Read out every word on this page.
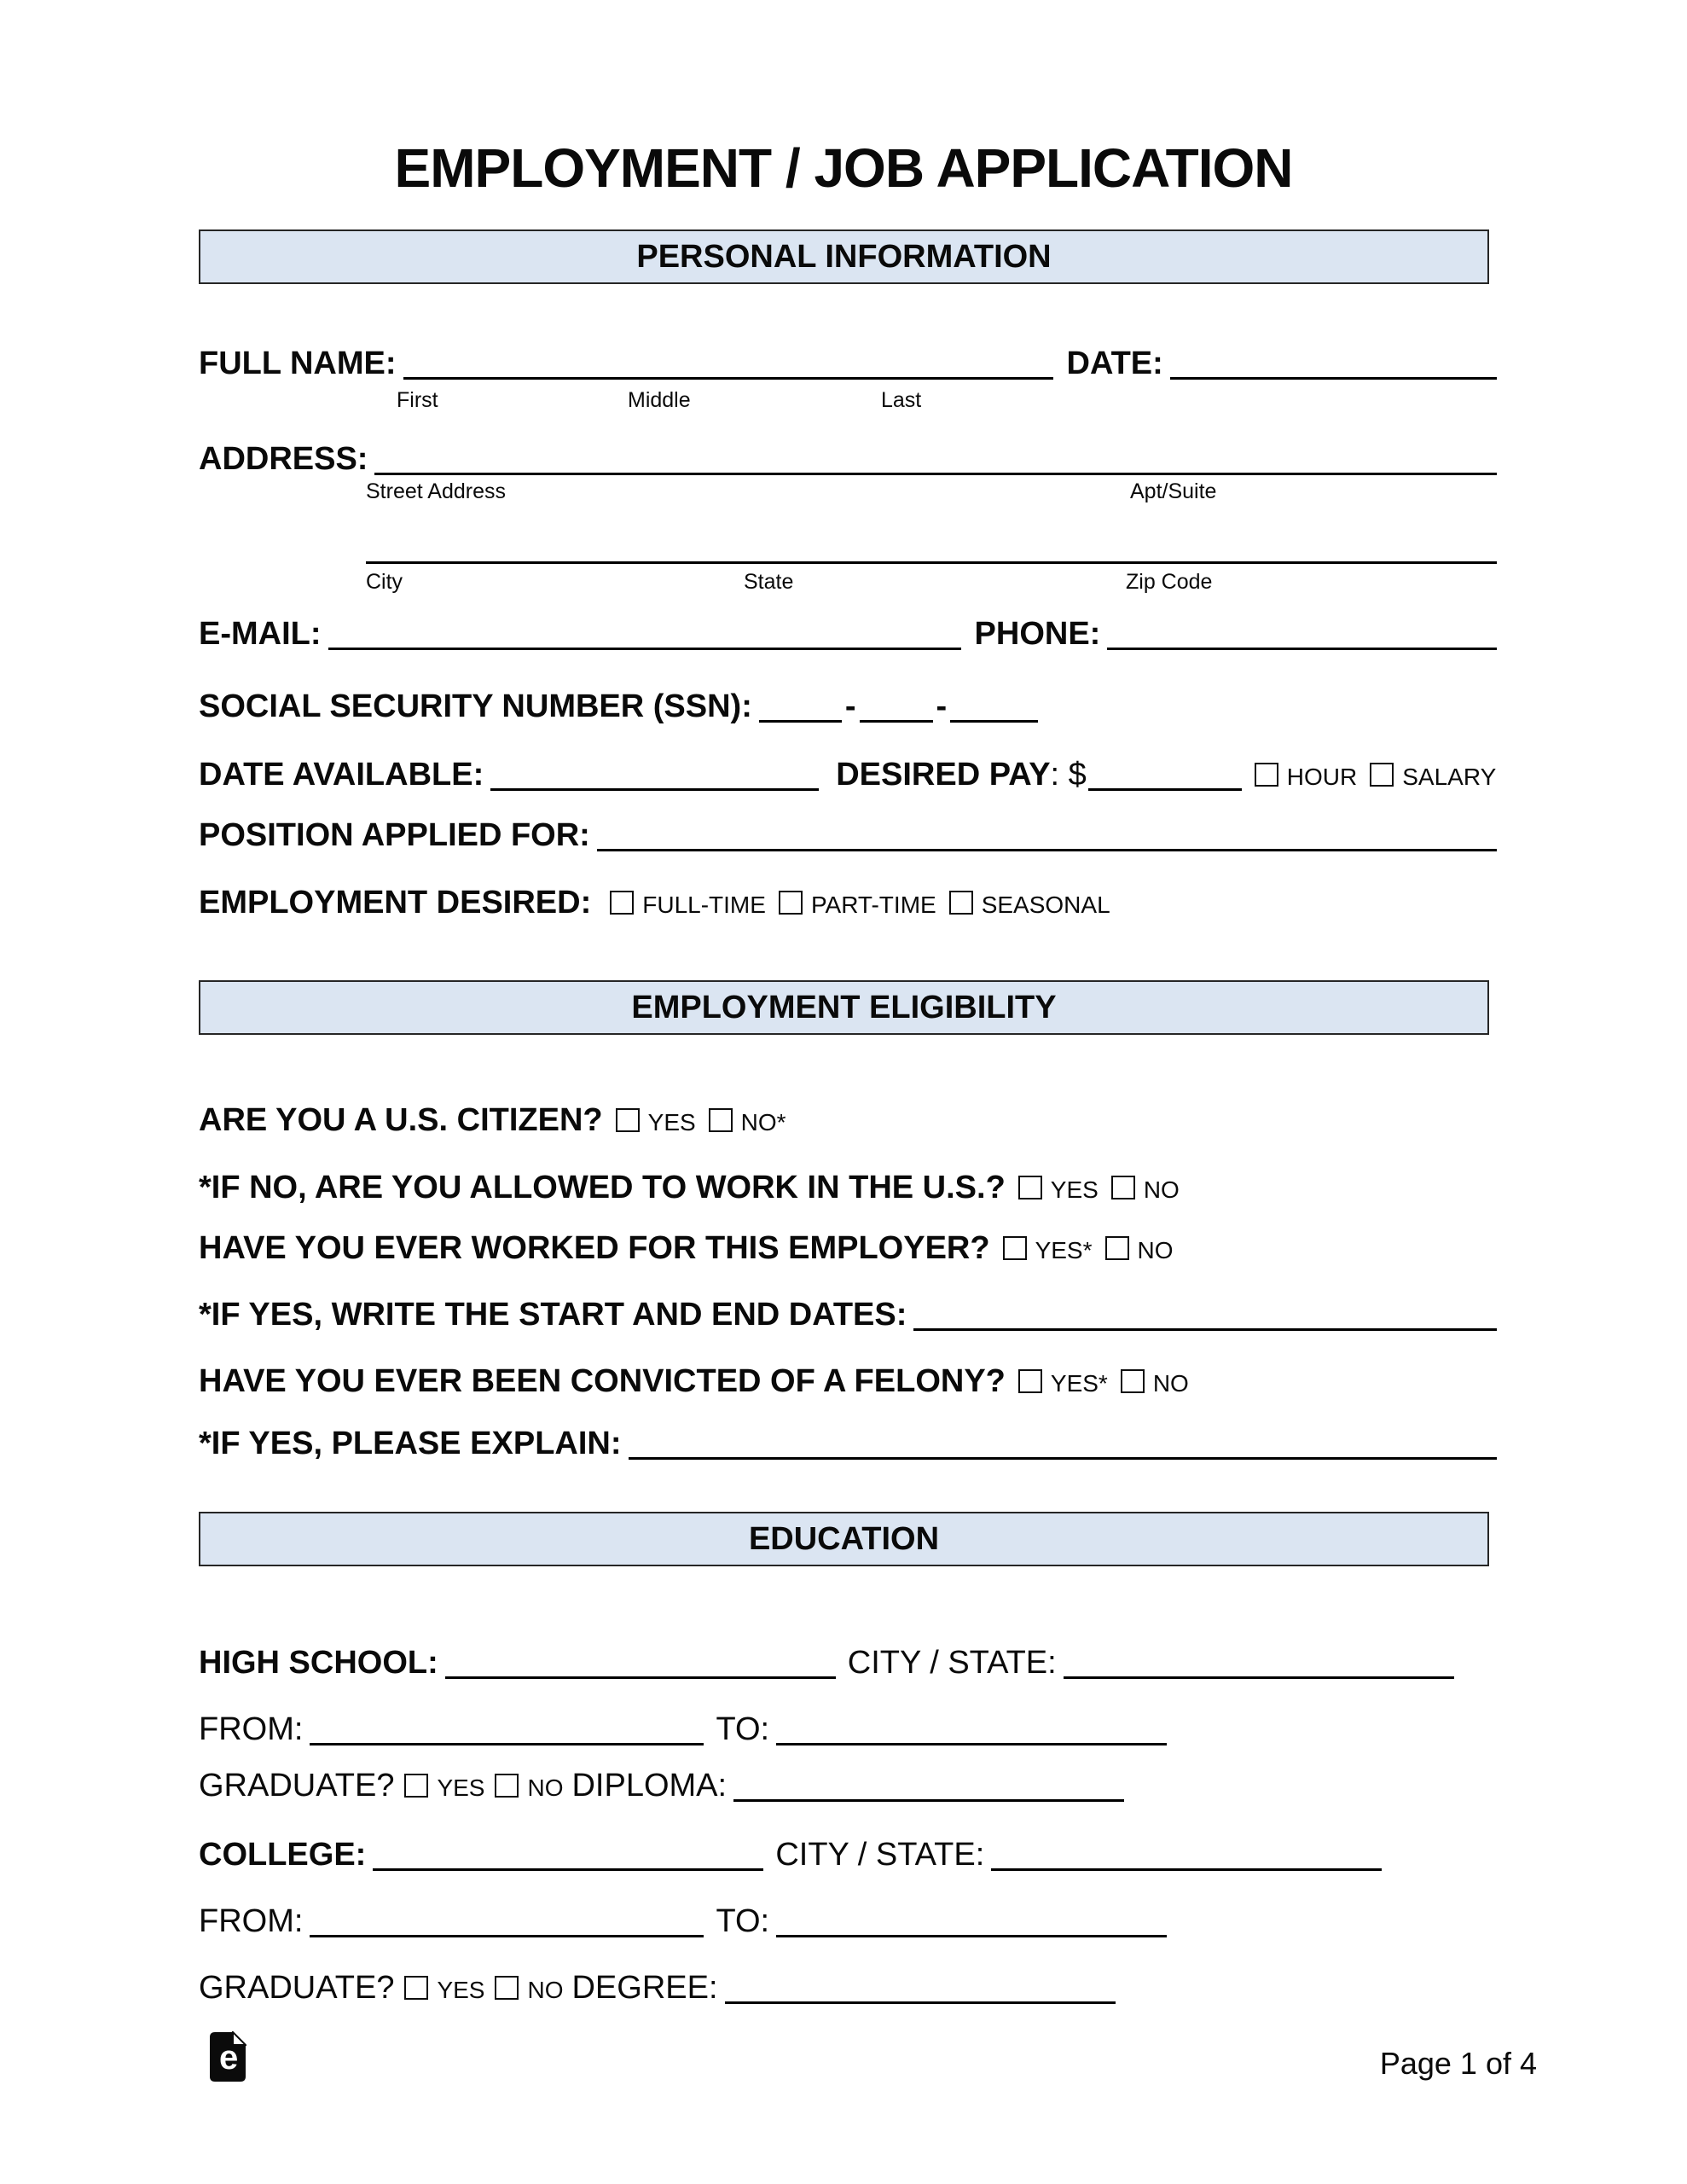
EMPLOYMENT / JOB APPLICATION
PERSONAL INFORMATION
FULL NAME:	DATE:
First	Middle	Last
ADDRESS:
Street Address	Apt/Suite
City	State	Zip Code
E-MAIL:	PHONE:
SOCIAL SECURITY NUMBER (SSN):	- -
DATE AVAILABLE:	DESIRED PAY : $	HOUR SALARY
POSITION APPLIED FOR:
EMPLOYMENT DESIRED: FULL-TIME PART-TIME SEASONAL
EMPLOYMENT ELIGIBILITY
ARE YOU A U.S. CITIZEN? YES NO*
*IF NO, ARE YOU ALLOWED TO WORK IN THE U.S.? YES NO
HAVE YOU EVER WORKED FOR THIS EMPLOYER? YES* NO
*IF YES, WRITE THE START AND END DATES:
HAVE YOU EVER BEEN CONVICTED OF A FELONY? YES* NO
*IF YES, PLEASE EXPLAIN:
EDUCATION
HIGH SCHOOL:	CITY / STATE:
FROM:	TO:
GRADUATE? YES NO DIPLOMA:
COLLEGE:	CITY / STATE:
FROM:	TO:
GRADUATE? YES NO DEGREE:
e	Page 1 of 4
